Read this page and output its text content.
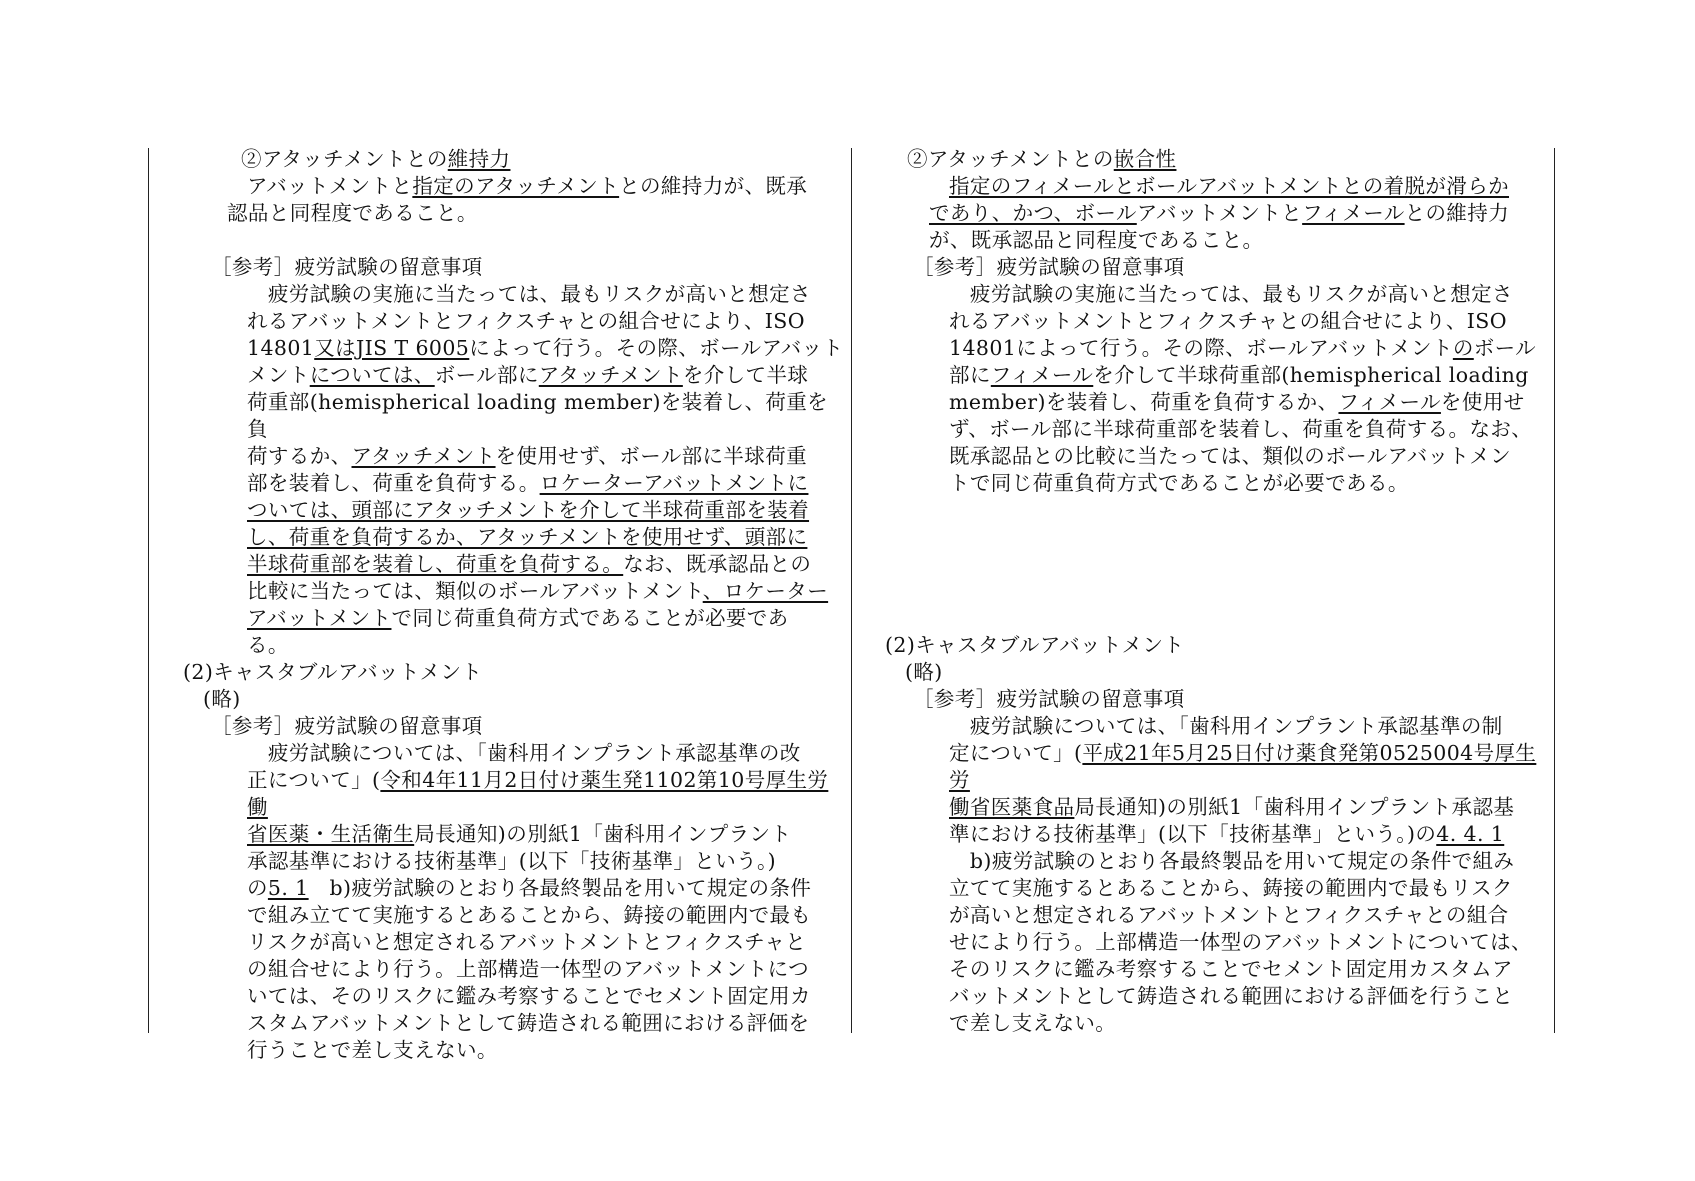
②アタッチメントとの維持力

アバットメントと指定のアタッチメントとの維持力が、既承

認品と同程度であること。

［参考］疲労試験の留意事項

　疲労試験の実施に当たっては、最もリスクが高いと想定さ

れるアバットメントとフィクスチャとの組合せにより、ISO

14801又はJIS T 6005によって行う。その際、ボールアバット

メントについては、ボール部にアタッチメントを介して半球

荷重部(hemispherical loading member)を装着し、荷重を負

荷するか、アタッチメントを使用せず、ボール部に半球荷重

部を装着し、荷重を負荷する。ロケーターアバットメントに

ついては、頭部にアタッチメントを介して半球荷重部を装着

し、荷重を負荷するか、アタッチメントを使用せず、頭部に

半球荷重部を装着し、荷重を負荷する。なお、既承認品との

比較に当たっては、類似のボールアバットメント、ロケーター

アバットメントで同じ荷重負荷方式であることが必要であ

る。

(2)キャスタブルアバットメント

(略)

［参考］疲労試験の留意事項

　疲労試験については、「歯科用インプラント承認基準の改

正について」(令和4年11月2日付け薬生発1102第10号厚生労働

省医薬・生活衛生局長通知)の別紙1「歯科用インプラント

承認基準における技術基準」(以下「技術基準」という。)

の5. 1　b)疲労試験のとおり各最終製品を用いて規定の条件

で組み立てて実施するとあることから、鋳接の範囲内で最も

リスクが高いと想定されるアバットメントとフィクスチャと

の組合せにより行う。上部構造一体型のアバットメントにつ

いては、そのリスクに鑑み考察することでセメント固定用カ

スタムアバットメントとして鋳造される範囲における評価を

行うことで差し支えない。

②アタッチメントとの嵌合性

指定のフィメールとボールアバットメントとの着脱が滑らか

であり、かつ、ボールアバットメントとフィメールとの維持力

が、既承認品と同程度であること。

［参考］疲労試験の留意事項

　疲労試験の実施に当たっては、最もリスクが高いと想定さ

れるアバットメントとフィクスチャとの組合せにより、ISO

14801によって行う。その際、ボールアバットメントのボール

部にフィメールを介して半球荷重部(hemispherical loading

member)を装着し、荷重を負荷するか、フィメールを使用せ

ず、ボール部に半球荷重部を装着し、荷重を負荷する。なお、

既承認品との比較に当たっては、類似のボールアバットメン

トで同じ荷重負荷方式であることが必要である。

(2)キャスタブルアバットメント

(略)

［参考］疲労試験の留意事項

　疲労試験については、「歯科用インプラント承認基準の制

定について」(平成21年5月25日付け薬食発第0525004号厚生労

働省医薬食品局長通知)の別紙1「歯科用インプラント承認基

準における技術基準」(以下「技術基準」という。)の4. 4. 1

　b)疲労試験のとおり各最終製品を用いて規定の条件で組み

立てて実施するとあることから、鋳接の範囲内で最もリスク

が高いと想定されるアバットメントとフィクスチャとの組合

せにより行う。上部構造一体型のアバットメントについては、

そのリスクに鑑み考察することでセメント固定用カスタムア

バットメントとして鋳造される範囲における評価を行うこと

で差し支えない。
